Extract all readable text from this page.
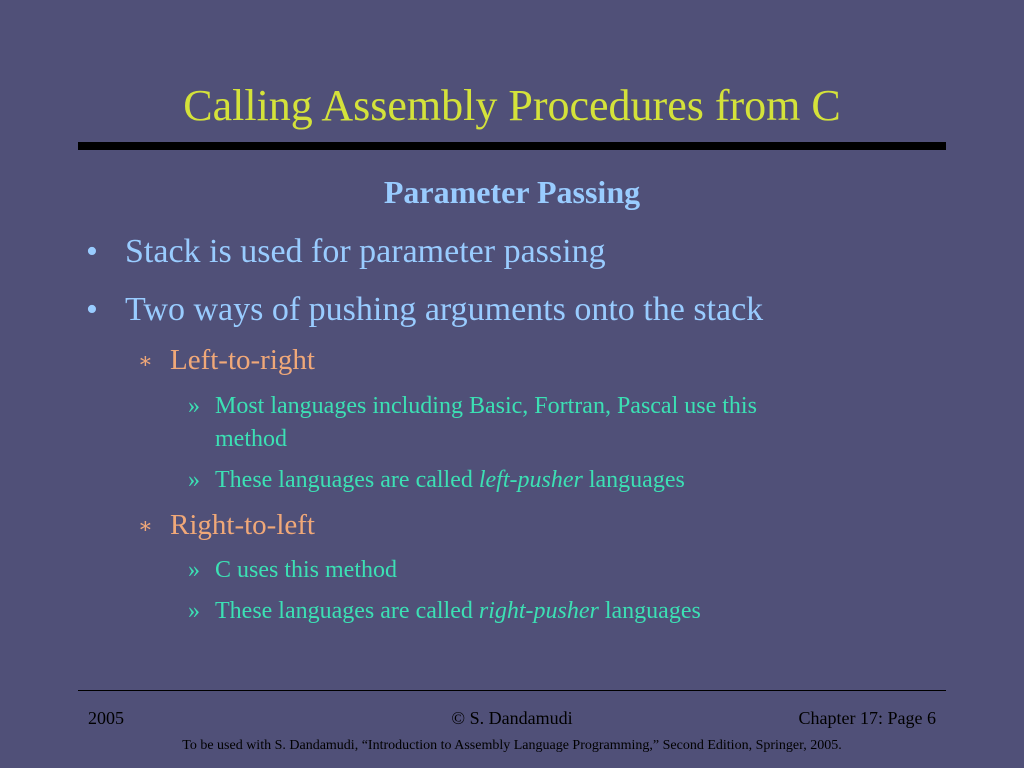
Calling Assembly Procedures from C
Parameter Passing
• Stack is used for parameter passing
• Two ways of pushing arguments onto the stack
∗ Left-to-right
» Most languages including Basic, Fortran, Pascal use this
method
» These languages are called left-pusher languages
∗ Right-to-left
» C uses this method
» These languages are called right-pusher languages
2005	© S. Dandamudi	Chapter 17: Page 6
To be used with S. Dandamudi, “Introduction to Assembly Language Programming,” Second Edition, Springer, 2005.
